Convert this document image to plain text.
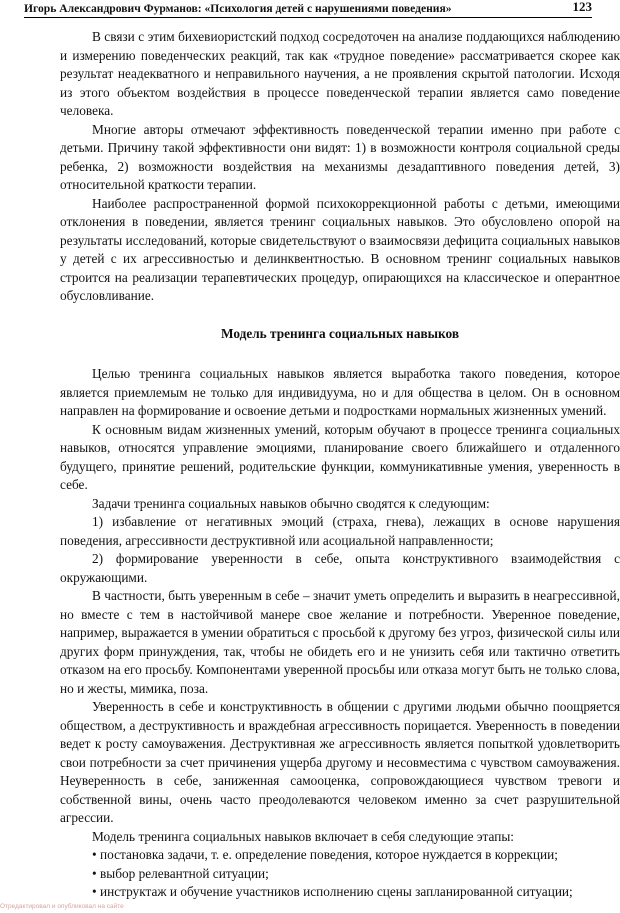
Игорь Александрович Фурманов: «Психология детей с нарушениями поведения»	123

В связи с этим бихевиористский подход сосредоточен на анализе поддающихся наблюдению и измерению поведенческих реакций, так как «трудное поведение» рассматривается скорее как результат неадекватного и неправильного научения, а не проявления скрытой патологии. Исходя из этого объектом воздействия в процессе поведенческой терапии является само поведение человека.

Многие авторы отмечают эффективность поведенческой терапии именно при работе с детьми. Причину такой эффективности они видят: 1) в возможности контроля социальной среды ребенка, 2) возможности воздействия на механизмы дезадаптивного поведения детей, 3) относительной краткости терапии.

Наиболее распространенной формой психокоррекционной работы с детьми, имеющими отклонения в поведении, является тренинг социальных навыков. Это обусловлено опорой на результаты исследований, которые свидетельствуют о взаимосвязи дефицита социальных навыков у детей с их агрессивностью и делинквентностью. В основном тренинг социальных навыков строится на реализации терапевтических процедур, опирающихся на классическое и оперантное обусловливание.

Модель тренинга социальных навыков

Целью тренинга социальных навыков является выработка такого поведения, которое является приемлемым не только для индивидуума, но и для общества в целом. Он в основном направлен на формирование и освоение детьми и подростками нормальных жизненных умений.

К основным видам жизненных умений, которым обучают в процессе тренинга социальных навыков, относятся управление эмоциями, планирование своего ближайшего и отдаленного будущего, принятие решений, родительские функции, коммуникативные умения, уверенность в себе.

Задачи тренинга социальных навыков обычно сводятся к следующим:

1) избавление от негативных эмоций (страха, гнева), лежащих в основе нарушения поведения, агрессивности деструктивной или асоциальной направленности;

2) формирование уверенности в себе, опыта конструктивного взаимодействия с окружающими.

В частности, быть уверенным в себе – значит уметь определить и выразить в неагрессивной, но вместе с тем в настойчивой манере свое желание и потребности. Уверенное поведение, например, выражается в умении обратиться с просьбой к другому без угроз, физической силы или других форм принуждения, так, чтобы не обидеть его и не унизить себя или тактично ответить отказом на его просьбу. Компонентами уверенной просьбы или отказа могут быть не только слова, но и жесты, мимика, поза.

Уверенность в себе и конструктивность в общении с другими людьми обычно поощряется обществом, а деструктивность и враждебная агрессивность порицается. Уверенность в поведении ведет к росту самоуважения. Деструктивная же агрессивность является попыткой удовлетворить свои потребности за счет причинения ущерба другому и несовместима с чувством самоуважения. Неуверенность в себе, заниженная самооценка, сопровождающиеся чувством тревоги и собственной вины, очень часто преодолеваются человеком именно за счет разрушительной агрессии.

Модель тренинга социальных навыков включает в себя следующие этапы:

• постановка задачи, т. е. определение поведения, которое нуждается в коррекции;

• выбор релевантной ситуации;

• инструктаж и обучение участников исполнению сцены запланированной ситуации;

Отредактировал и опубликовал на сайте
